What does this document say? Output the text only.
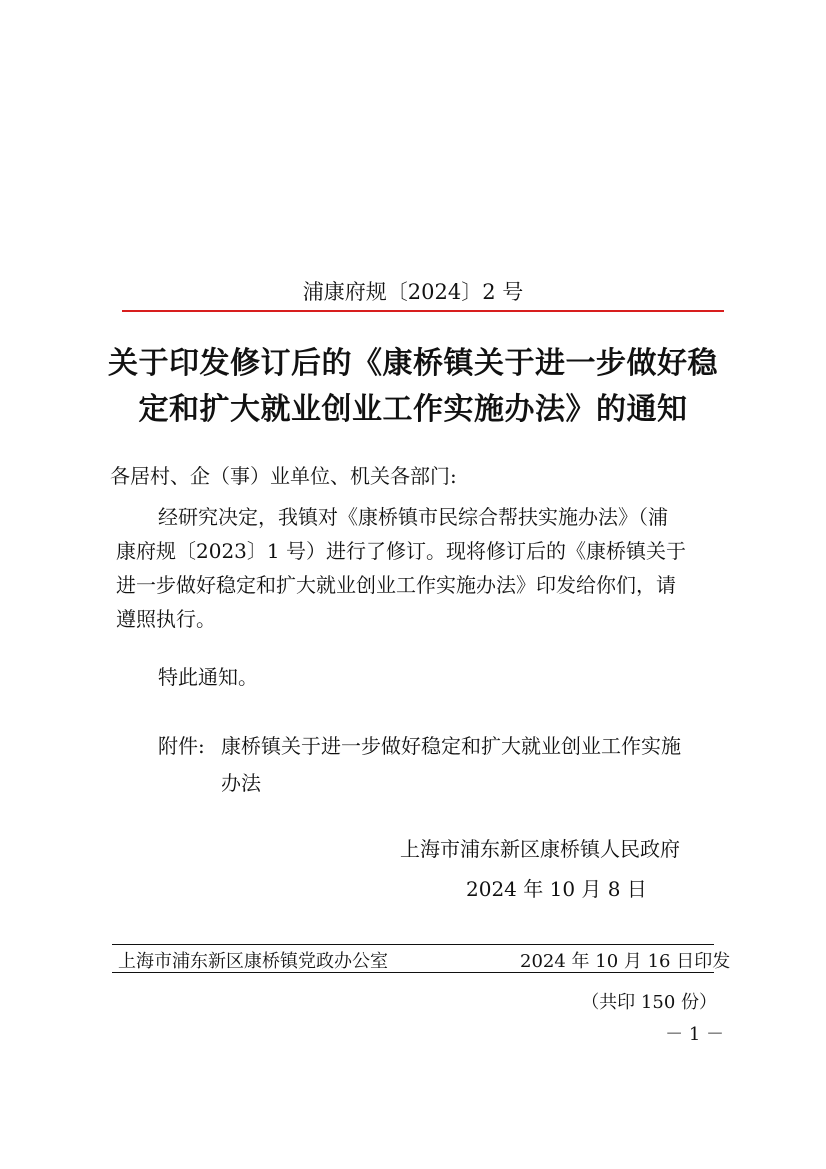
浦康府规〔2024〕2 号
关于印发修订后的《康桥镇关于进一步做好稳
定和扩大就业创业工作实施办法》的通知
各居村、企（事）业单位、机关各部门:
经研究决定，我镇对《康桥镇市民综合帮扶实施办法》（浦
康府规〔2023〕1 号）进行了修订。现将修订后的《康桥镇关于
进一步做好稳定和扩大就业创业工作实施办法》印发给你们，请
遵照执行。
特此通知。
附件: 康桥镇关于进一步做好稳定和扩大就业创业工作实施
办法
上海市浦东新区康桥镇人民政府
2024 年 10 月 8 日
上海市浦东新区康桥镇党政办公室	2024 年 10 月 16 日印发
（共印 150 份）
－ 1 －
